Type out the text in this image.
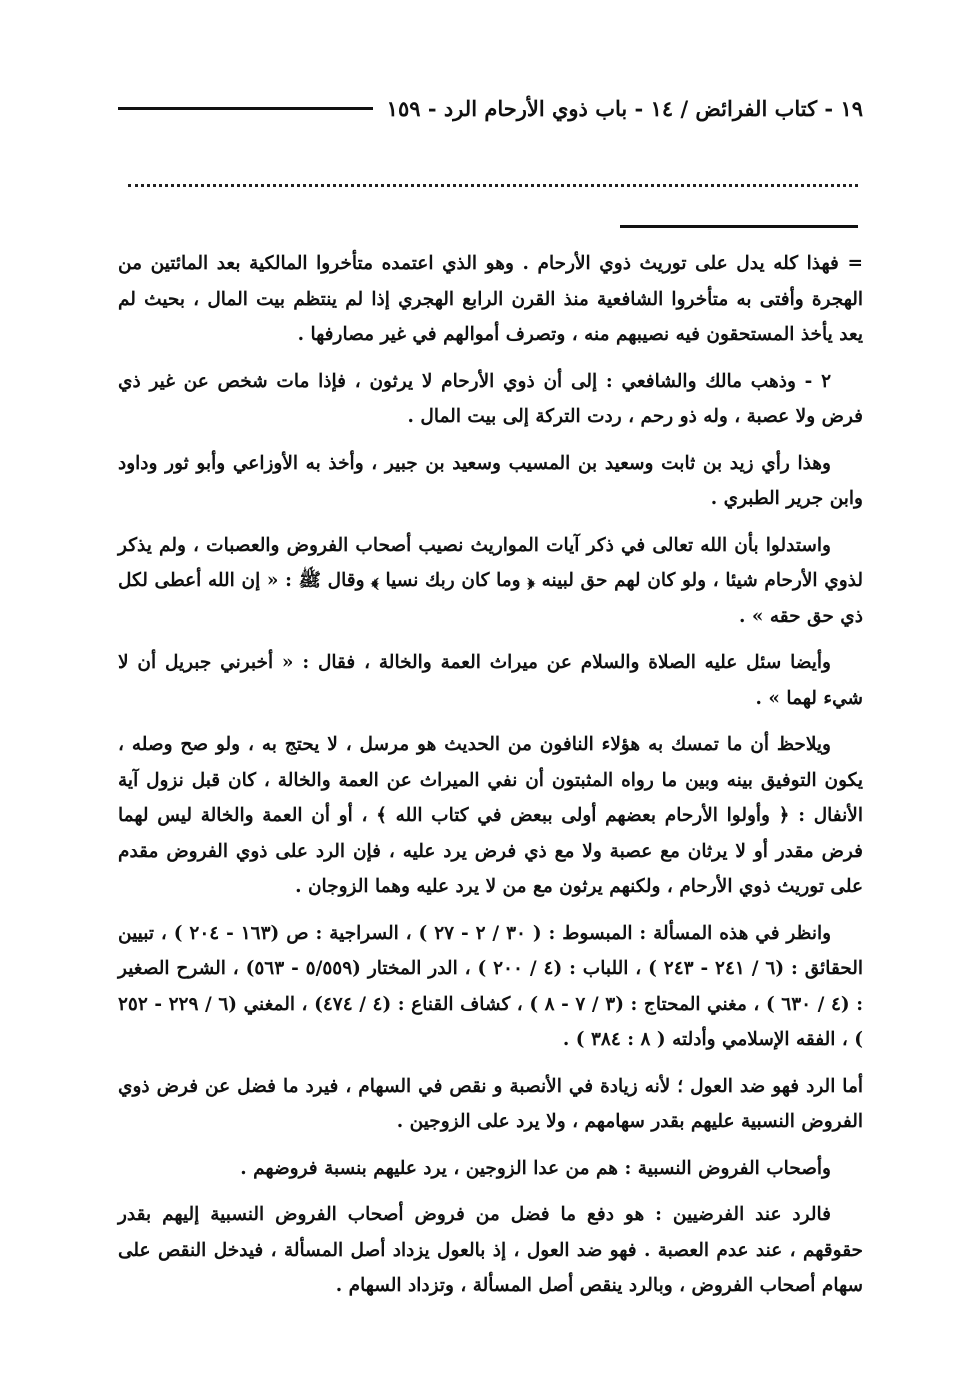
١٩ - كتاب الفرائض / ١٤ - باب ذوي الأرحام الرد - ١٥٩

= فهذا كله يدل على توريث ذوي الأرحام . وهو الذي اعتمده متأخروا المالكية بعد المائتين من الهجرة وأفتى به متأخروا الشافعية منذ القرن الرابع الهجري إذا لم ينتظم بيت المال ، بحيث لم يعد يأخذ المستحقون فيه نصيبهم منه ، وتصرف أموالهم في غير مصارفها .

٢ - وذهب مالك والشافعي : إلى أن ذوي الأرحام لا يرثون ، فإذا مات شخص عن غير ذي فرض ولا عصبة ، وله ذو رحم ، ردت التركة إلى بيت المال .

وهذا رأي زيد بن ثابت وسعيد بن المسيب وسعيد بن جبير ، وأخذ به الأوزاعي وأبو ثور وداود وابن جرير الطبري .

واستدلوا بأن الله تعالى في ذكر آيات المواريث نصيب أصحاب الفروض والعصبات ، ولم يذكر لذوي الأرحام شيئا ، ولو كان لهم حق لبينه ﴿ وما كان ربك نسيا ﴾ وقال ﷺ : « إن الله أعطى لكل ذي حق حقه » .

وأيضا سئل عليه الصلاة والسلام عن ميراث العمة والخالة ، فقال : « أخبرني جبريل أن لا شيء لهما » .

ويلاحظ أن ما تمسك به هؤلاء النافون من الحديث هو مرسل ، لا يحتج به ، ولو صح وصله ، يكون التوفيق بينه وبين ما رواه المثبتون أن نفي الميراث عن العمة والخالة ، كان قبل نزول آية الأنفال : ﴿ وأولوا الأرحام بعضهم أولى ببعض في كتاب الله ﴾ ، أو أن العمة والخالة ليس لهما فرض مقدر أو لا يرثان مع عصبة ولا مع ذي فرض يرد عليه ، فإن الرد على ذوي الفروض مقدم على توريث ذوي الأرحام ، ولكنهم يرثون مع من لا يرد عليه وهما الزوجان .

وانظر في هذه المسألة : المبسوط : ( ٣٠ / ٢ - ٢٧ ) ، السراجية : ص (١٦٣ - ٢٠٤ ) ، تبيين الحقائق : (٦ / ٢٤١ - ٢٤٣ ) ، اللباب : (٤ / ٢٠٠ ) ، الدر المختار (٥/٥٥٩ - ٥٦٣) ، الشرح الصغير : (٤ / ٦٣٠ ) ، مغني المحتاج : (٣ / ٧ - ٨ ) ، كشاف القناع : (٤ / ٤٧٤) ، المغني (٦ / ٢٢٩ - ٢٥٢ ) ، الفقه الإسلامي وأدلته ( ٨ : ٣٨٤ ) .

أما الرد فهو ضد العول ؛ لأنه زيادة في الأنصبة و نقص في السهام ، فيرد ما فضل عن فرض ذوي الفروض النسبية عليهم بقدر سهامهم ، ولا يرد على الزوجين .

وأصحاب الفروض النسبية : هم من عدا الزوجين ، يرد عليهم بنسبة فروضهم .

فالرد عند الفرضيين : هو دفع ما فضل من فروض أصحاب الفروض النسبية إليهم بقدر حقوقهم ، عند عدم العصبة . فهو ضد العول ، إذ بالعول يزداد أصل المسألة ، فيدخل النقص على سهام أصحاب الفروض ، وبالرد ينقص أصل المسألة ، وتزداد السهام .
